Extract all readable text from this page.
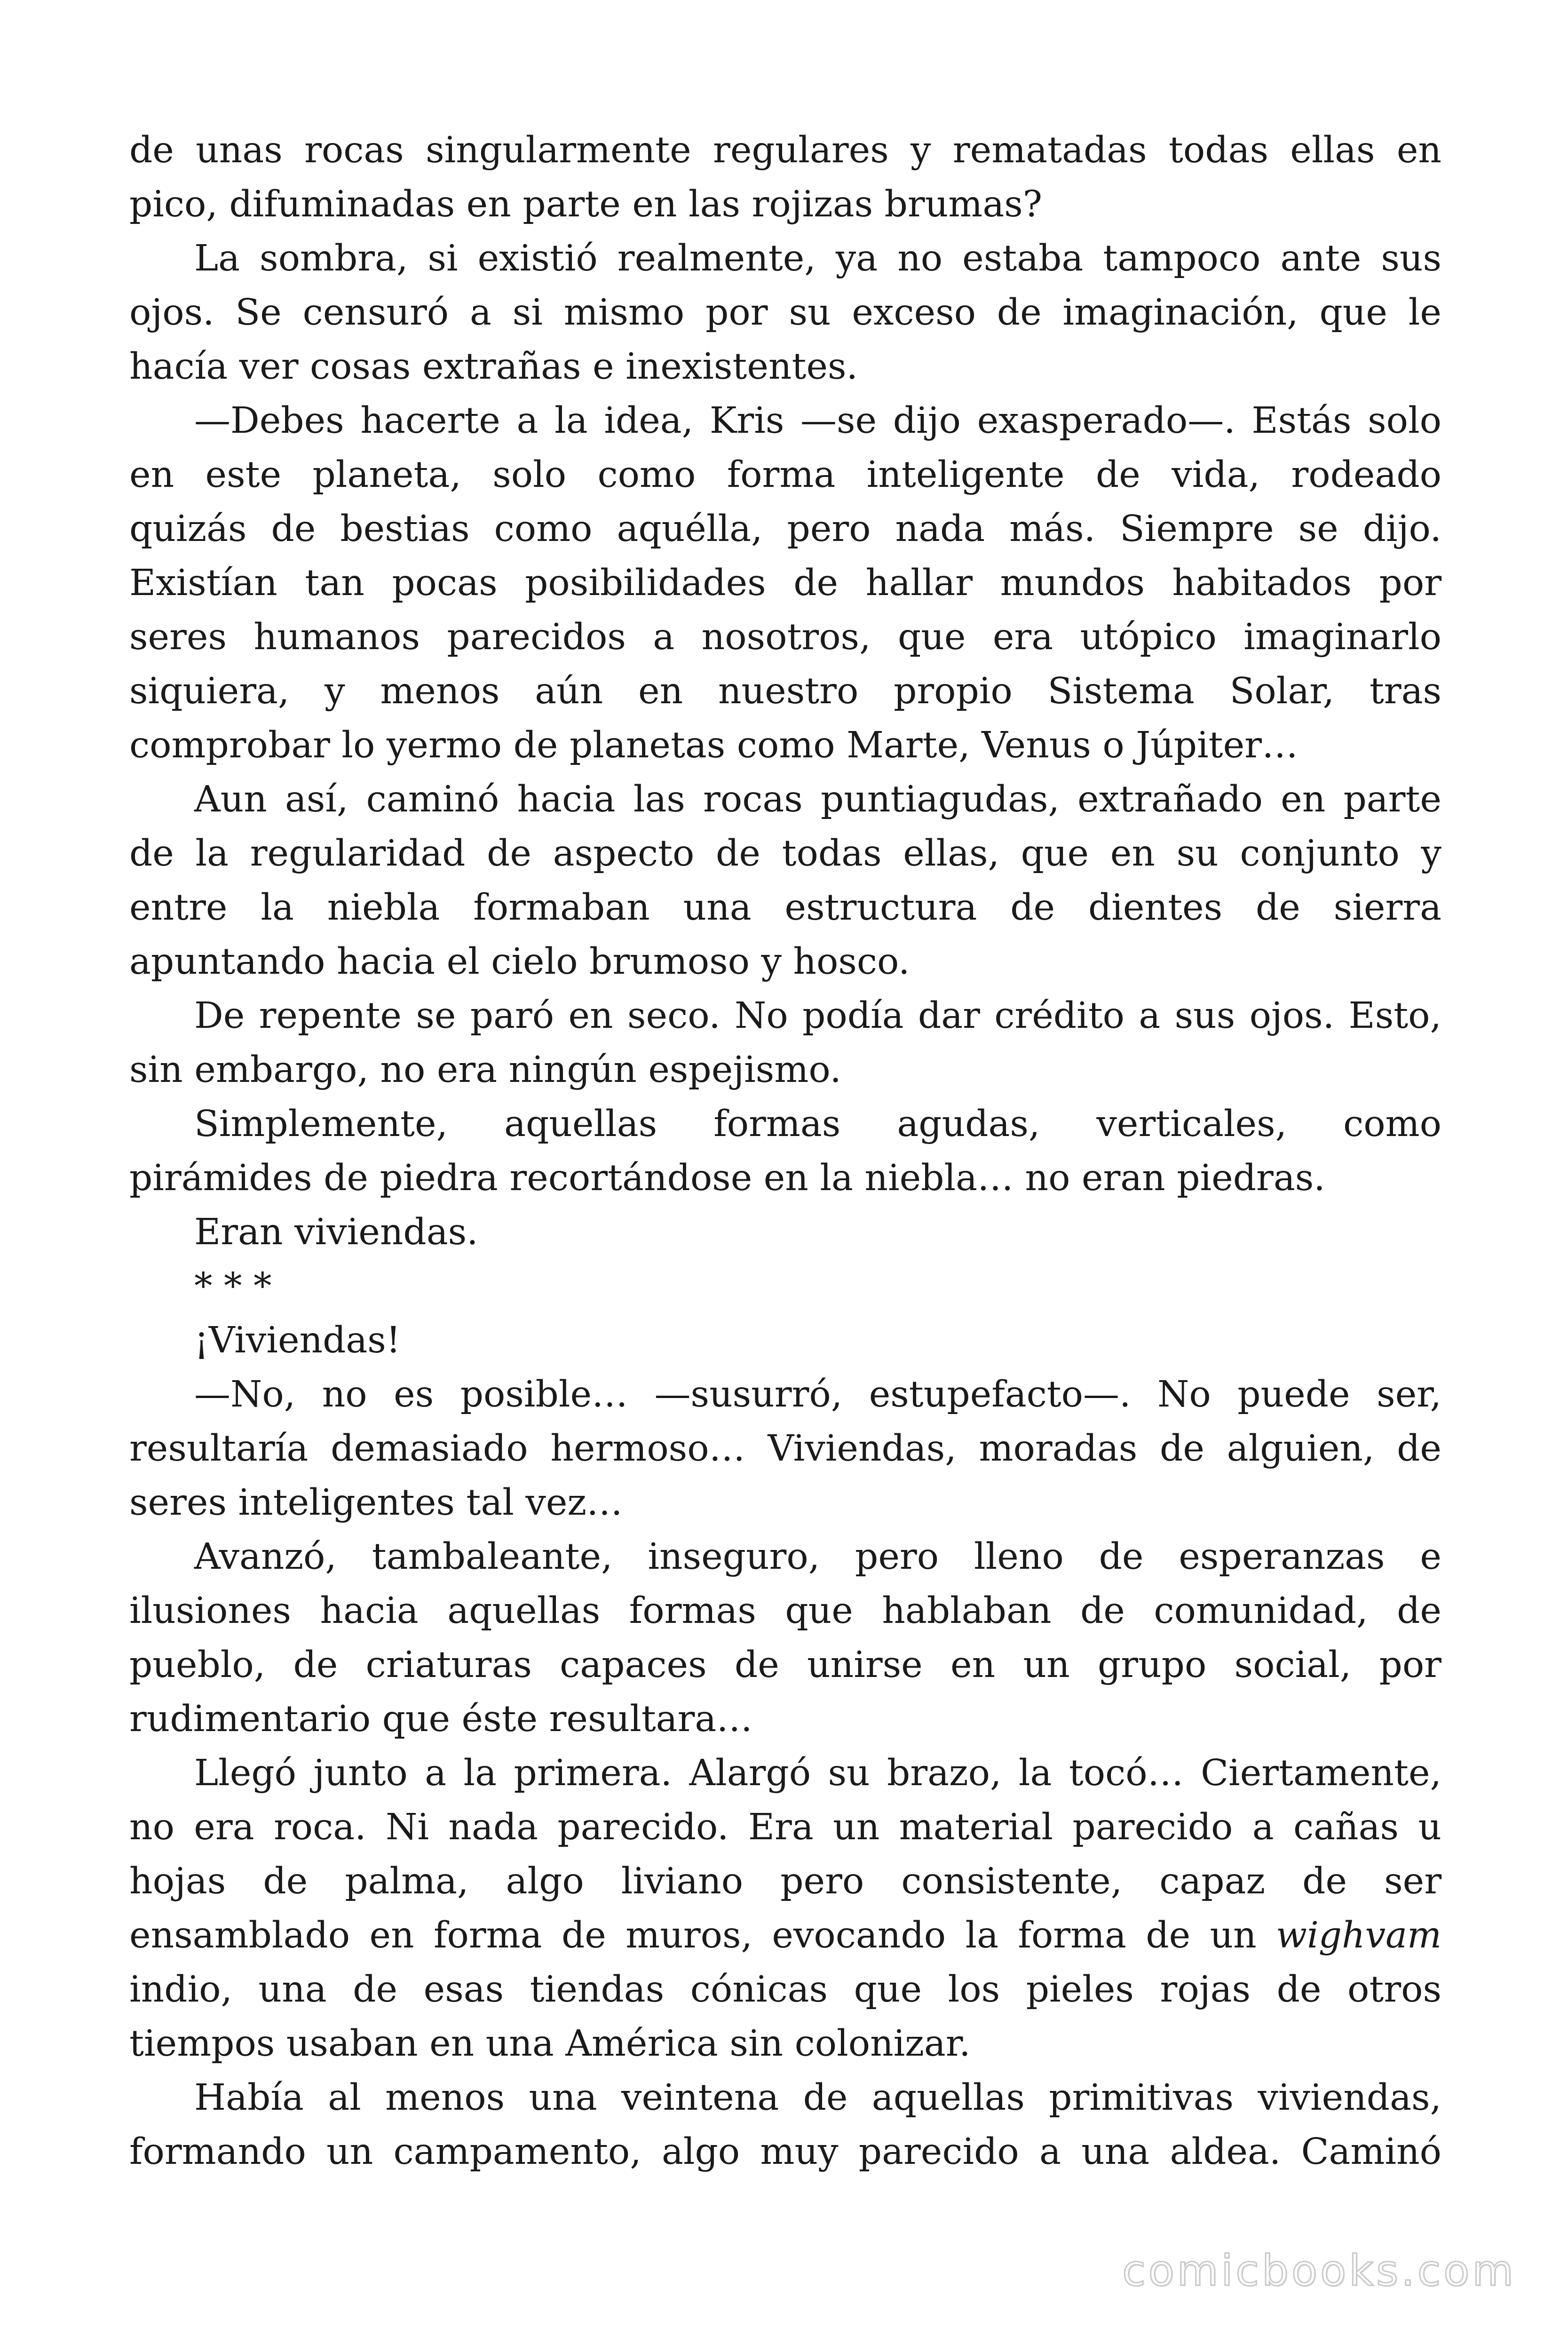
de unas rocas singularmente regulares y rematadas todas ellas en
pico, difuminadas en parte en las rojizas brumas?
La sombra, si existió realmente, ya no estaba tampoco ante sus
ojos. Se censuró a si mismo por su exceso de imaginación, que le
hacía ver cosas extrañas e inexistentes.
—Debes hacerte a la idea, Kris —se dijo exasperado—. Estás solo
en este planeta, solo como forma inteligente de vida, rodeado
quizás de bestias como aquélla, pero nada más. Siempre se dijo.
Existían tan pocas posibilidades de hallar mundos habitados por
seres humanos parecidos a nosotros, que era utópico imaginarlo
siquiera, y menos aún en nuestro propio Sistema Solar, tras
comprobar lo yermo de planetas como Marte, Venus o Júpiter…
Aun así, caminó hacia las rocas puntiagudas, extrañado en parte
de la regularidad de aspecto de todas ellas, que en su conjunto y
entre la niebla formaban una estructura de dientes de sierra
apuntando hacia el cielo brumoso y hosco.
De repente se paró en seco. No podía dar crédito a sus ojos. Esto,
sin embargo, no era ningún espejismo.
Simplemente, aquellas formas agudas, verticales, como
pirámides de piedra recortándose en la niebla… no eran piedras.
Eran viviendas.
* * *
¡Viviendas!
—No, no es posible… —susurró, estupefacto—. No puede ser,
resultaría demasiado hermoso… Viviendas, moradas de alguien, de
seres inteligentes tal vez…
Avanzó, tambaleante, inseguro, pero lleno de esperanzas e
ilusiones hacia aquellas formas que hablaban de comunidad, de
pueblo, de criaturas capaces de unirse en un grupo social, por
rudimentario que éste resultara…
Llegó junto a la primera. Alargó su brazo, la tocó… Ciertamente,
no era roca. Ni nada parecido. Era un material parecido a cañas u
hojas de palma, algo liviano pero consistente, capaz de ser
ensamblado en forma de muros, evocando la forma de un wighvam
indio, una de esas tiendas cónicas que los pieles rojas de otros
tiempos usaban en una América sin colonizar.
Había al menos una veintena de aquellas primitivas viviendas,
formando un campamento, algo muy parecido a una aldea. Caminó
comicbooks.com
